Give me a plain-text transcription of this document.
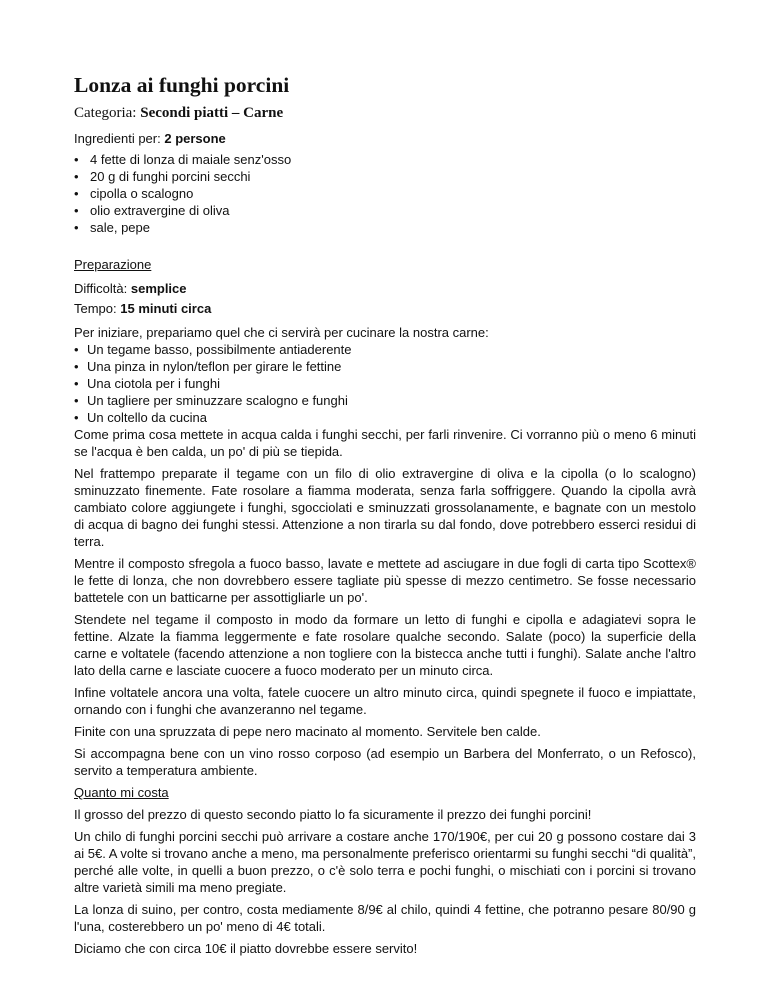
Lonza ai funghi porcini
Categoria: Secondi piatti – Carne
Ingredienti per: 2 persone
• 4 fette di lonza di maiale senz'osso
• 20 g di funghi porcini secchi
• cipolla o scalogno
• olio extravergine di oliva
• sale, pepe
Preparazione
Difficoltà: semplice
Tempo: 15 minuti circa
Per iniziare, prepariamo quel che ci servirà per cucinare la nostra carne:
• Un tegame basso, possibilmente antiaderente
• Una pinza in nylon/teflon per girare le fettine
• Una ciotola per i funghi
• Un tagliere per sminuzzare scalogno e funghi
• Un coltello da cucina

Come prima cosa mettete in acqua calda i funghi secchi, per farli rinvenire. Ci vorranno più o meno 6 minuti se l'acqua è ben calda, un po' di più se tiepida.

Nel frattempo preparate il tegame con un filo di olio extravergine di oliva e la cipolla (o lo scalogno) sminuzzato finemente. Fate rosolare a fiamma moderata, senza farla soffriggere. Quando la cipolla avrà cambiato colore aggiungete i funghi, sgocciolati e sminuzzati grossolanamente, e bagnate con un mestolo di acqua di bagno dei funghi stessi. Attenzione a non tirarla su dal fondo, dove potrebbero esserci residui di terra.

Mentre il composto sfregola a fuoco basso, lavate e mettete ad asciugare in due fogli di carta tipo Scottex® le fette di lonza, che non dovrebbero essere tagliate più spesse di mezzo centimetro. Se fosse necessario battetele con un batticarne per assottigliarle un po'.

Stendete nel tegame il composto in modo da formare un letto di funghi e cipolla e adagiatevi sopra le fettine. Alzate la fiamma leggermente e fate rosolare qualche secondo. Salate (poco) la superficie della carne e voltatele (facendo attenzione a non togliere con la bistecca anche tutti i funghi). Salate anche l'altro lato della carne e lasciate cuocere a fuoco moderato per un minuto circa.

Infine voltatele ancora una volta, fatele cuocere un altro minuto circa, quindi spegnete il fuoco e impiattate, ornando con i funghi che avanzeranno nel tegame.

Finite con una spruzzata di pepe nero macinato al momento. Servitele ben calde.

Si accompagna bene con un vino rosso corposo (ad esempio un Barbera del Monferrato, o un Refosco), servito a temperatura ambiente.

Quanto mi costa

Il grosso del prezzo di questo secondo piatto lo fa sicuramente il prezzo dei funghi porcini!

Un chilo di funghi porcini secchi può arrivare a costare anche 170/190€, per cui 20 g possono costare dai 3 ai 5€. A volte si trovano anche a meno, ma personalmente preferisco orientarmi su funghi secchi “di qualità”, perché alle volte, in quelli a buon prezzo, o c'è solo terra e pochi funghi, o mischiati con i porcini si trovano altre varietà simili ma meno pregiate.

La lonza di suino, per contro, costa mediamente 8/9€ al chilo, quindi 4 fettine, che potranno pesare 80/90 g l'una, costerebbero un po' meno di 4€ totali.

Diciamo che con circa 10€ il piatto dovrebbe essere servito!
